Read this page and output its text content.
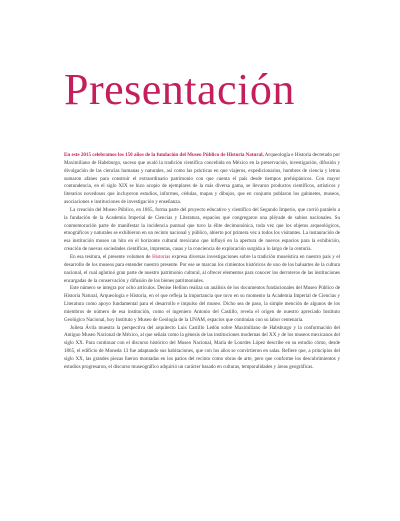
Presentación

En este 2015 celebramos los 150 años de la fundación del Museo Público de Historia Natural, Arqueología e Historia decretado por Maximiliano de Habsburgo, suceso que avaló la tradición científica concebida en México en la preservación, investigación, difusión y divulgación de las ciencias humanas y naturales, así como las prácticas en que viajeros, expedicionarios, hombres de ciencia y letras sumaron afanes para construir el extraordinario patrimonio con que cuenta el país desde tiempos prehispánicos. Con mayor contundencia, en el siglo XIX se hizo acopio de ejemplares de la más diversa gama, se llevaron productos científicos, artísticos y literarios novedosos que incluyeron estudios, informes, cédulas, mapas y dibujos, que en conjunto poblaron los gabinetes, museos, asociaciones e instituciones de investigación y enseñanza.

La creación del Museo Público, en 1865, forma parte del proyecto educativo y científico del Segundo Imperio, que corrió paralelo a la fundación de la Academia Imperial de Ciencias y Literatura, espacios que congregaron una pléyade de sabios nacionales. Su conmemoración parte de manifestar la incidencia puntual que tuvo la élite decimonónica, toda vez que los objetos arqueológicos, etnográficos y naturales se exhibieron en un recinto nacional y público, abierto por primera vez a todos los visitantes. La instauración de esa institución museo un hito en el horizonte cultural mexicano que influyó en la apertura de nuevos espacios para la exhibición, creación de nuevas sociedades científicas, imprentas, casas y la conciencia de exploración surgida a lo largo de la centuria.

En esa tesitura, el presente volumen de Historias expresa diversas investigaciones sobre la tradición museística en nuestro país y el desarrollo de los museos para entender nuestro presente. Por ese se marcan los cimientos históricos de uno de los baluartes de la cultura nacional, el cual aglutinó gran parte de nuestro patrimonio cultural, al ofrecer elementos para conocer los derroteros de las instituciones encargadas de la conservación y difusión de los bienes patrimoniales.

Este número se integra por ocho artículos. Denise Hellion realiza un análisis de los documentos fundacionales del Museo Público de Historia Natural, Arqueología e Historia, en el que refleja la importancia que tuvo en su momento la Academia Imperial de Ciencias y Literatura como apoyo fundamental para el desarrollo e impulso del museo. Dicho sea de paso, la simple mención de algunos de los miembros de número de esa institución, como el ingeniero Antonio del Castillo, revela el origen de nuestro apreciado Instituto Geológico Nacional, hoy Instituto y Museo de Geología de la UNAM, espacios que continúan con su labor centenaria.

Julieta Ávila muestra la perspectiva del arquitecto Luis Castillo Ledón sobre Maximiliano de Habsburgo y la conformación del Antiguo Museo Nacional de México, al que señala como la génesis de las instituciones modernas del XX y de los museos mexicanos del siglo XX. Para continuar con el discurso histórico del Museo Nacional, María de Lourdes López describe en su estudio cómo, desde 1865, el edificio de Moneda 13 fue adaptando sus habitaciones, que con los años se convirtieron en salas. Refiere que, a principios del siglo XX, las grandes piezas fueron montadas en los patios del recinto como obras de arte, pero que conforme los descubrimientos y estudios progresaron, el discurso museográfico adquirió un carácter basado en culturas, temporalidades y áreas geográficas.
